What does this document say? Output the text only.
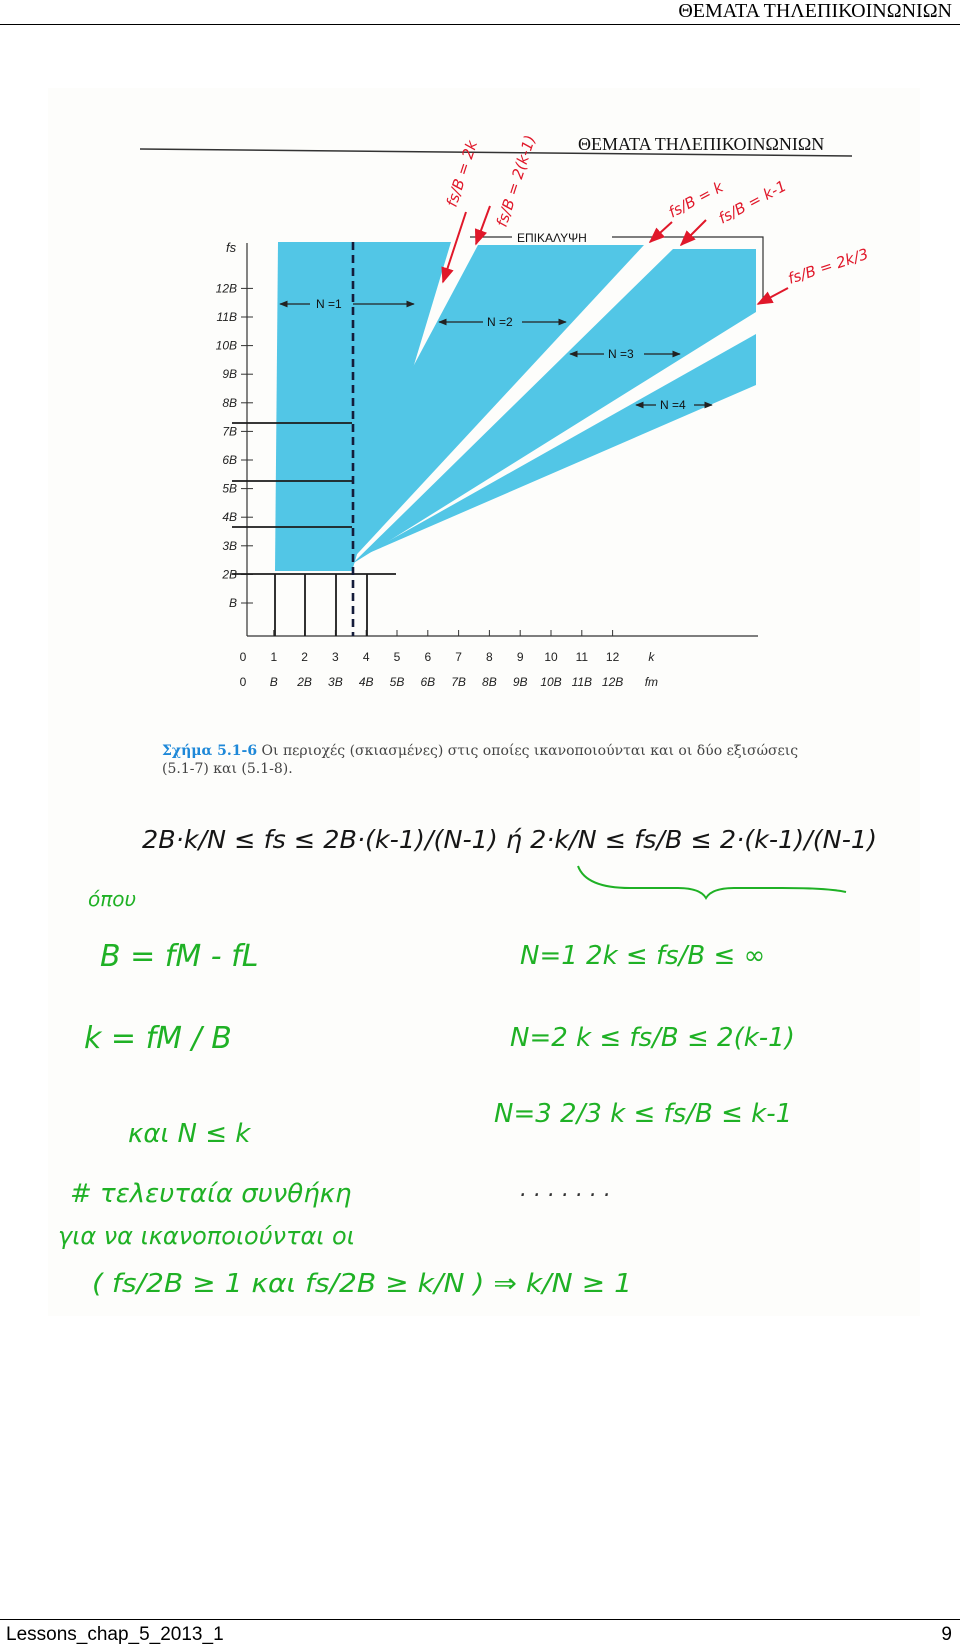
ΘΕΜΑΤΑ ΤΗΛΕΠΙΚΟΙΝΩΝΙΩΝ
ΘΕΜΑΤΑ ΤΗΛΕΠΙΚΟΙΝΩΝΙΩΝ
ΕΠΙΚΑΛΥΨΗ
fs
B
2B
3B
4B
5B
6B
7B
8B
9B
10B
11B
12B
0 1 2 3 4 5 6 7 8 9 10 11 12 k
0 B 2B 3B 4B 5B 6B 7B 8B 9B 10B 11B 12B fm
N =1
N =2
N =3
N =4
fs/B = 2k fs/B = 2(k-1)	fs/B = k
fs/B = k-1
fs/B = 2k/3
2B·k/N ≤ fs ≤ 2B·(k-1)/(N-1) ή 2·k/N ≤ fs/B ≤ 2·(k-1)/(N-1)
όπου
B = fM - fL
k = fM / B
και N ≤ k
N=1 2k ≤ fs/B ≤ ∞
N=2 k ≤ fs/B ≤ 2(k-1)
N=3 2/3 k ≤ fs/B ≤ k-1
. . . . . . .
# τελευταία συνθήκη
για να ικανοποιούνται οι
( fs/2B ≥ 1 και fs/2B ≥ k/N ) ⇒ k/N ≥ 1
Σχήμα 5.1-6 Οι περιοχές (σκιασμένες) στις οποίες ικανοποιούνται και οι δύο εξισώσεις (5.1-7) και (5.1-8).
Lessons_chap_5_2013_1	9
